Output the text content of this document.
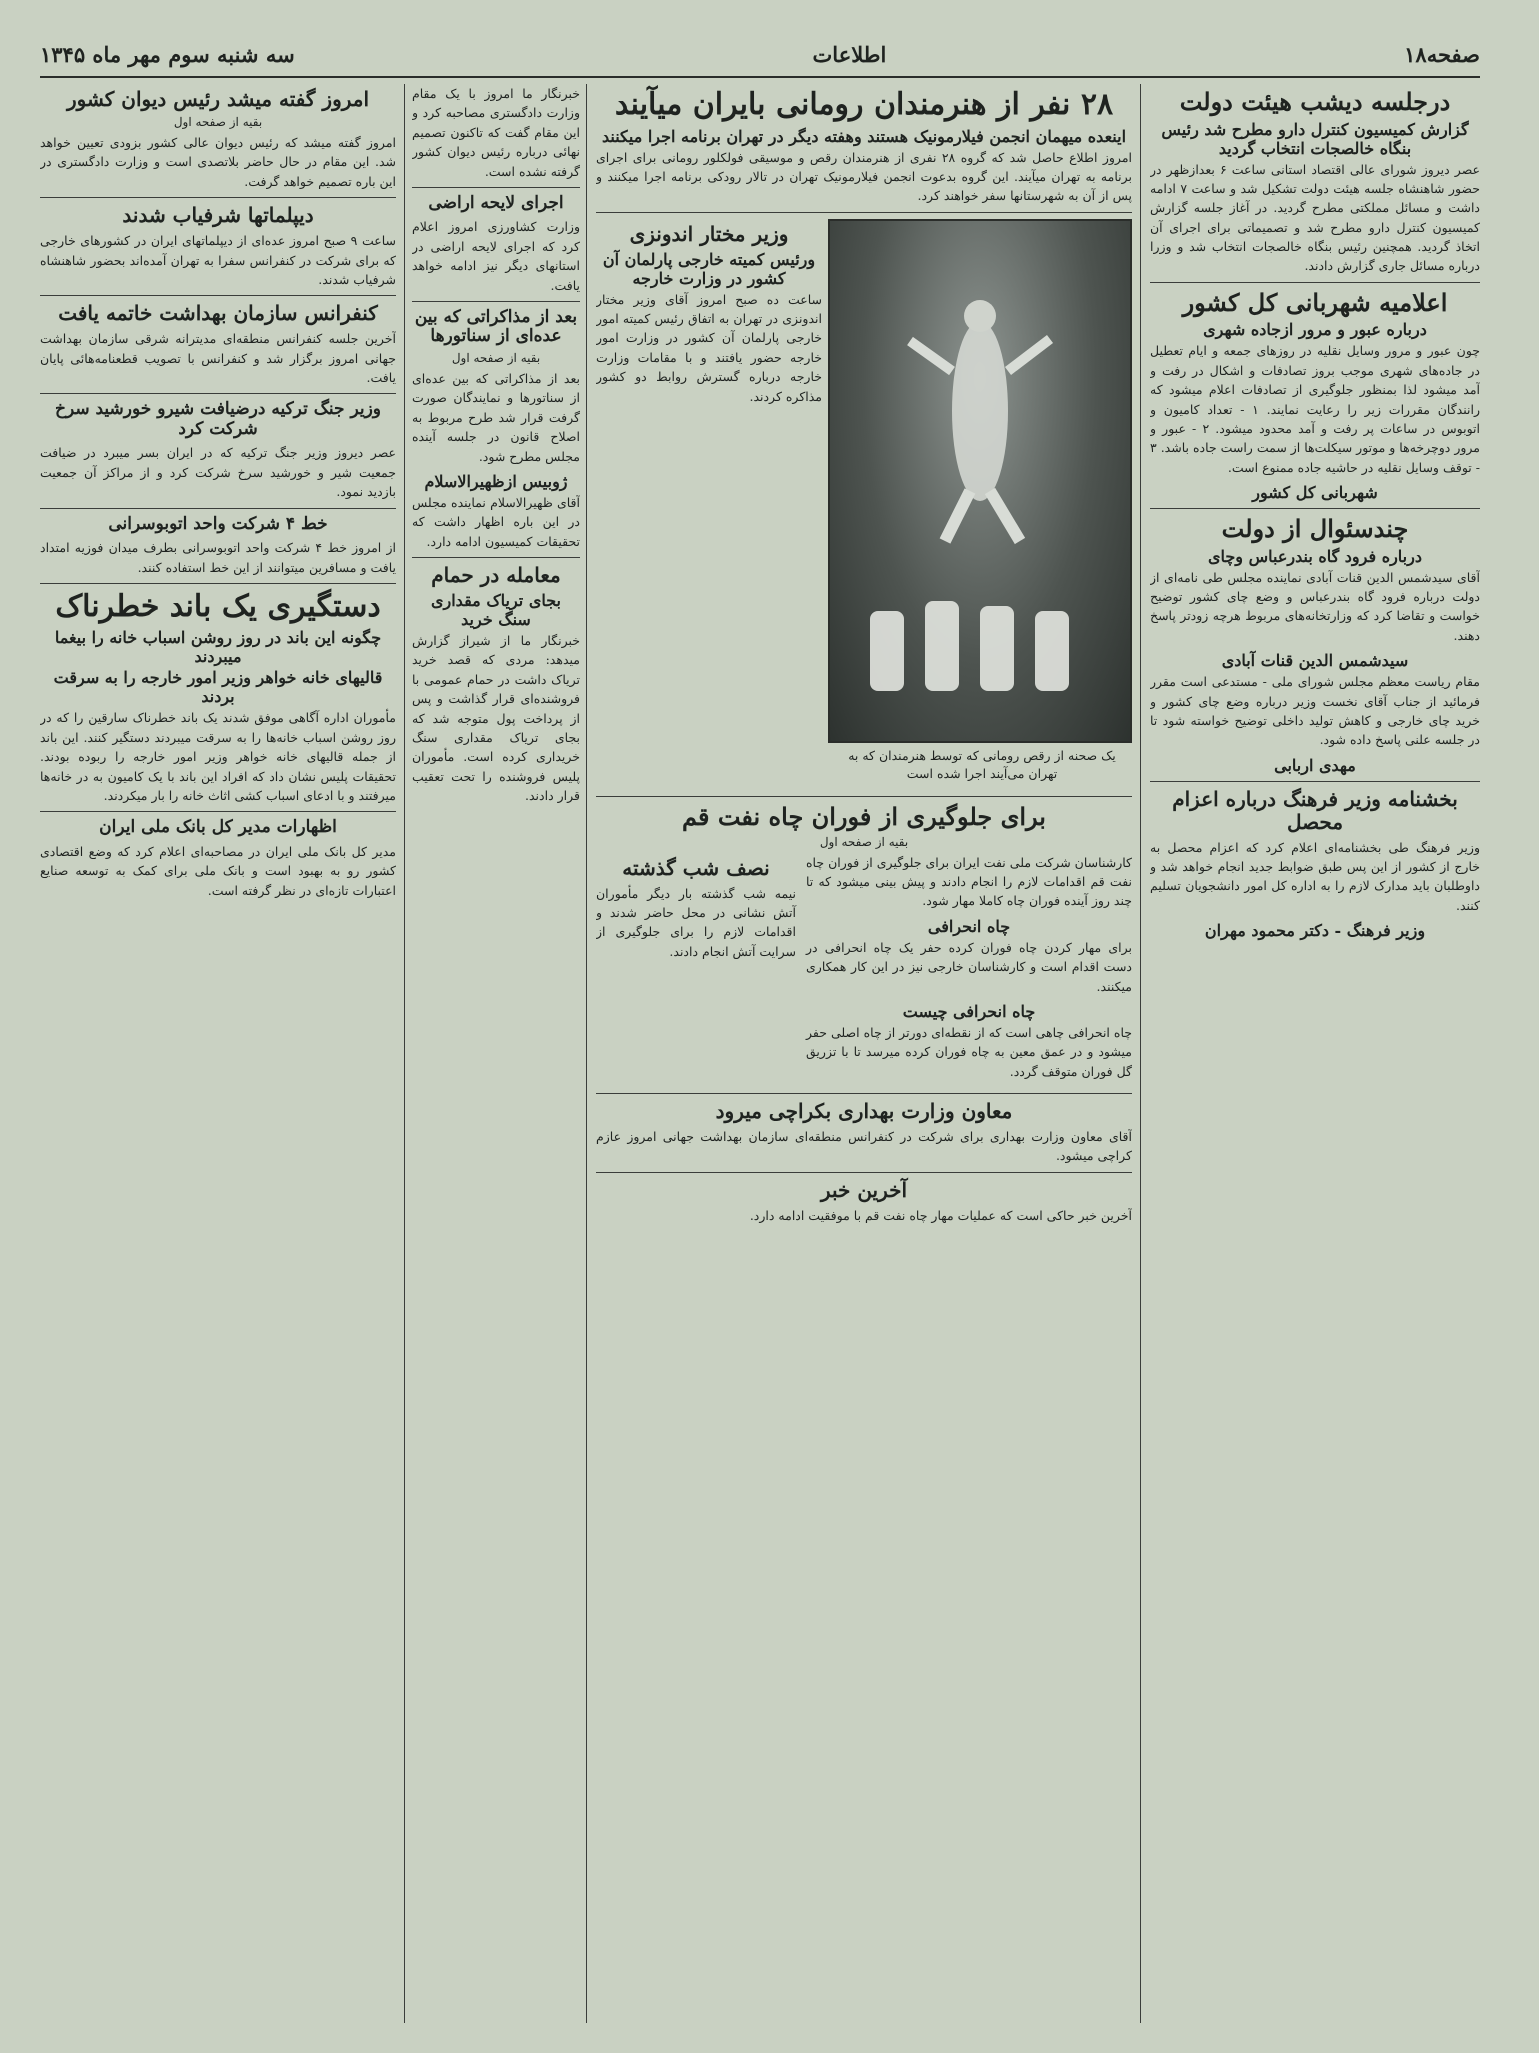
صفحه۱۸
اطلاعات
سه شنبه سوم مهر ماه ۱۳۴۵
درجلسه دیشب هیئت دولت
گزارش کمیسیون کنترل دارو مطرح شد رئیس بنگاه خالصجات انتخاب گردید

عصر دیروز شورای عالی اقتصاد استانی ساعت ۶ بعدازظهر در حضور شاهنشاه جلسه هیئت دولت تشکیل شد و ساعت ۷ ادامه داشت و مسائل مملکتی مطرح گردید. در آغاز جلسه گزارش کمیسیون کنترل دارو مطرح شد و تصمیماتی برای اجرای آن اتخاذ گردید. همچنین رئیس بنگاه خالصجات انتخاب شد و وزرا درباره مسائل جاری گزارش دادند.

اعلامیه شهربانی کل کشور
درباره عبور و مرور ازجاده شهری

چون عبور و مرور وسایل نقلیه در روزهای جمعه و ایام تعطیل در جاده‌های شهری موجب بروز تصادفات و اشکال در رفت و آمد میشود لذا بمنظور جلوگیری از تصادفات اعلام میشود که رانندگان مقررات زیر را رعایت نمایند. ۱ - تعداد کامیون و اتوبوس در ساعات پر رفت و آمد محدود میشود. ۲ - عبور و مرور دوچرخه‌ها و موتور سیکلت‌ها از سمت راست جاده باشد. ۳ - توقف وسایل نقلیه در حاشیه جاده ممنوع است.

شهربانی کل کشور
چندسئوال از دولت
درباره فرود گاه بندرعباس وچای

آقای سیدشمس الدین قنات آبادی نماینده مجلس طی نامه‌ای از دولت درباره فرود گاه بندرعباس و وضع چای کشور توضیح خواست و تقاضا کرد که وزارتخانه‌های مربوط هرچه زودتر پاسخ دهند.

سیدشمس الدین قنات آبادی

مقام ریاست معظم مجلس شورای ملی - مستدعی است مقرر فرمائید از جناب آقای نخست وزیر درباره وضع چای کشور و خرید چای خارجی و کاهش تولید داخلی توضیح خواسته شود تا در جلسه علنی پاسخ داده شود.

مهدی اربابی
بخشنامه وزیر فرهنگ درباره اعزام محصل

وزیر فرهنگ طی بخشنامه‌ای اعلام کرد که اعزام محصل به خارج از کشور از این پس طبق ضوابط جدید انجام خواهد شد و داوطلبان باید مدارک لازم را به اداره کل امور دانشجویان تسلیم کنند.

وزیر فرهنگ - دکتر محمود مهران
۲۸ نفر از هنرمندان رومانی بایران میآیند
اینعده میهمان انجمن فیلارمونیک هستند وهفته دیگر در تهران برنامه اجرا میکنند

امروز اطلاع حاصل شد که گروه ۲۸ نفری از هنرمندان رقص و موسیقی فولکلور رومانی برای اجرای برنامه به تهران میآیند. این گروه بدعوت انجمن فیلارمونیک تهران در تالار رودکی برنامه اجرا میکنند و پس از آن به شهرستانها سفر خواهند کرد.

یک صحنه از رقص رومانی که توسط هنرمندان که به تهران می‌آیند اجرا شده است
وزیر مختار اندونزی
ورئیس کمیته خارجی پارلمان آن کشور در وزارت خارجه

ساعت ده صبح امروز آقای وزیر مختار اندونزی در تهران به اتفاق رئیس کمیته امور خارجی پارلمان آن کشور در وزارت امور خارجه حضور یافتند و با مقامات وزارت خارجه درباره گسترش روابط دو کشور مذاکره کردند.

برای جلوگیری از فوران چاه نفت قم
بقیه از صفحه اول

کارشناسان شرکت ملی نفت ایران برای جلوگیری از فوران چاه نفت قم اقدامات لازم را انجام دادند و پیش بینی میشود که تا چند روز آینده فوران چاه کاملا مهار شود.

چاه انحرافی

برای مهار کردن چاه فوران کرده حفر یک چاه انحرافی در دست اقدام است و کارشناسان خارجی نیز در این کار همکاری میکنند.

چاه انحرافی چیست

چاه انحرافی چاهی است که از نقطه‌ای دورتر از چاه اصلی حفر میشود و در عمق معین به چاه فوران کرده میرسد تا با تزریق گل فوران متوقف گردد.

نصف شب گذشته

نیمه شب گذشته بار دیگر مأموران آتش نشانی در محل حاضر شدند و اقدامات لازم را برای جلوگیری از سرایت آتش انجام دادند.

معاون وزارت بهداری بکراچی میرود

آقای معاون وزارت بهداری برای شرکت در کنفرانس منطقه‌ای سازمان بهداشت جهانی امروز عازم کراچی میشود.

آخرین خبر

آخرین خبر حاکی است که عملیات مهار چاه نفت قم با موفقیت ادامه دارد.

امروز گفته میشد رئیس دیوان کشور
بقیه از صفحه اول

امروز گفته میشد که رئیس دیوان عالی کشور بزودی تعیین خواهد شد. این مقام در حال حاضر بلاتصدی است و وزارت دادگستری در این باره تصمیم خواهد گرفت.

دیپلماتها شرفیاب شدند

ساعت ۹ صبح امروز عده‌ای از دیپلماتهای ایران در کشورهای خارجی که برای شرکت در کنفرانس سفرا به تهران آمده‌اند بحضور شاهنشاه شرفیاب شدند.

کنفرانس سازمان بهداشت خاتمه یافت

آخرین جلسه کنفرانس منطقه‌ای مدیترانه شرقی سازمان بهداشت جهانی امروز برگزار شد و کنفرانس با تصویب قطعنامه‌هائی پایان یافت.

وزیر جنگ ترکیه درضیافت شیرو خورشید سرخ شرکت کرد

عصر دیروز وزیر جنگ ترکیه که در ایران بسر میبرد در ضیافت جمعیت شیر و خورشید سرخ شرکت کرد و از مراکز آن جمعیت بازدید نمود.

خط ۴ شرکت واحد اتوبوسرانی

از امروز خط ۴ شرکت واحد اتوبوسرانی بطرف میدان فوزیه امتداد یافت و مسافرین میتوانند از این خط استفاده کنند.

دستگیری یک باند خطرناک
چگونه این باند در روز روشن اسباب خانه را بیغما میبردند
قالیهای خانه خواهر وزیر امور خارجه را به سرقت بردند

مأموران اداره آگاهی موفق شدند یک باند خطرناک سارقین را که در روز روشن اسباب خانه‌ها را به سرقت میبردند دستگیر کنند. این باند از جمله قالیهای خانه خواهر وزیر امور خارجه را ربوده بودند. تحقیقات پلیس نشان داد که افراد این باند با یک کامیون به در خانه‌ها میرفتند و با ادعای اسباب کشی اثاث خانه را بار میکردند.

اظهارات مدیر کل بانک ملی ایران

مدیر کل بانک ملی ایران در مصاحبه‌ای اعلام کرد که وضع اقتصادی کشور رو به بهبود است و بانک ملی برای کمک به توسعه صنایع اعتبارات تازه‌ای در نظر گرفته است.

خبرنگار ما امروز با یک مقام وزارت دادگستری مصاحبه کرد و این مقام گفت که تاکنون تصمیم نهائی درباره رئیس دیوان کشور گرفته نشده است.

اجرای لایحه اراضی

وزارت کشاورزی امروز اعلام کرد که اجرای لایحه اراضی در استانهای دیگر نیز ادامه خواهد یافت.

بعد از مذاکراتی که بین عده‌ای از سناتورها
بقیه از صفحه اول

بعد از مذاکراتی که بین عده‌ای از سناتورها و نمایندگان صورت گرفت قرار شد طرح مربوط به اصلاح قانون در جلسه آینده مجلس مطرح شود.

ژوبیس ازظهیرالاسلام

آقای ظهیرالاسلام نماینده مجلس در این باره اظهار داشت که تحقیقات کمیسیون ادامه دارد.

معامله در حمام
بجای تریاک مقداری سنگ خرید

خبرنگار ما از شیراز گزارش میدهد: مردی که قصد خرید تریاک داشت در حمام عمومی با فروشنده‌ای قرار گذاشت و پس از پرداخت پول متوجه شد که بجای تریاک مقداری سنگ خریداری کرده است. مأموران پلیس فروشنده را تحت تعقیب قرار دادند.
